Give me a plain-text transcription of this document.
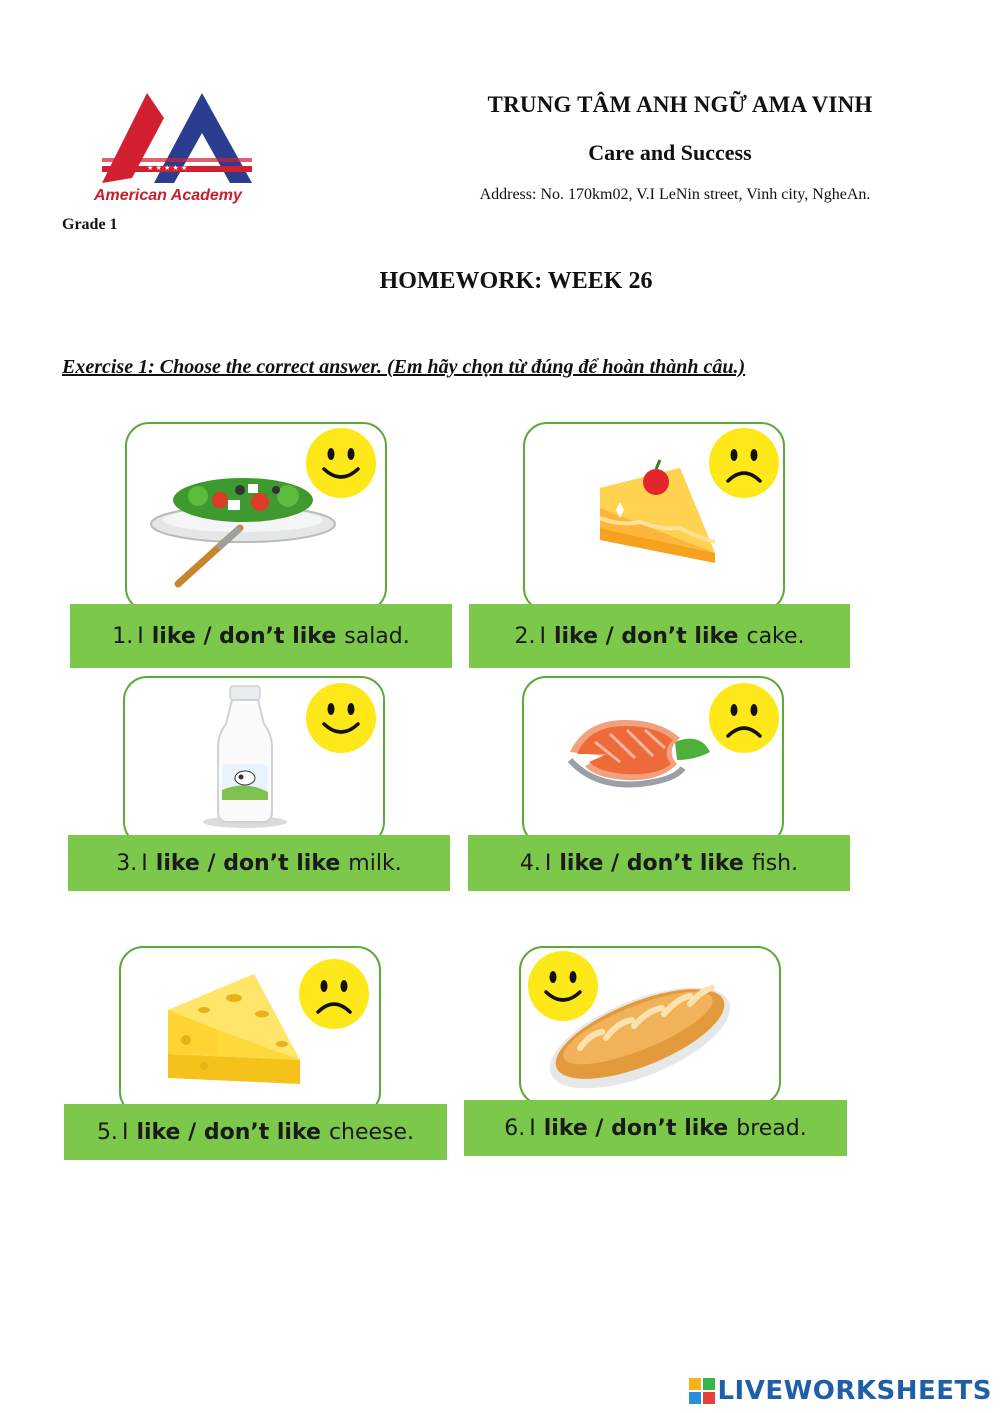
★ ★ ★ ★ ★
American Academy
Grade 1
TRUNG TÂM ANH NGỮ AMA VINH
Care and Success
Address: No. 170km02, V.I LeNin street, Vinh city, NgheAn.
HOMEWORK: WEEK 26
Exercise 1: Choose the correct answer. (Em hãy chọn từ đúng để hoàn thành câu.)
1. I like / don’t like salad.	2. I like / don’t like cake.
3. I like / don’t like milk.	4. I like / don’t like fish.
5. I like / don’t like cheese.	6. I like / don’t like bread.
LIVEWORKSHEETS
